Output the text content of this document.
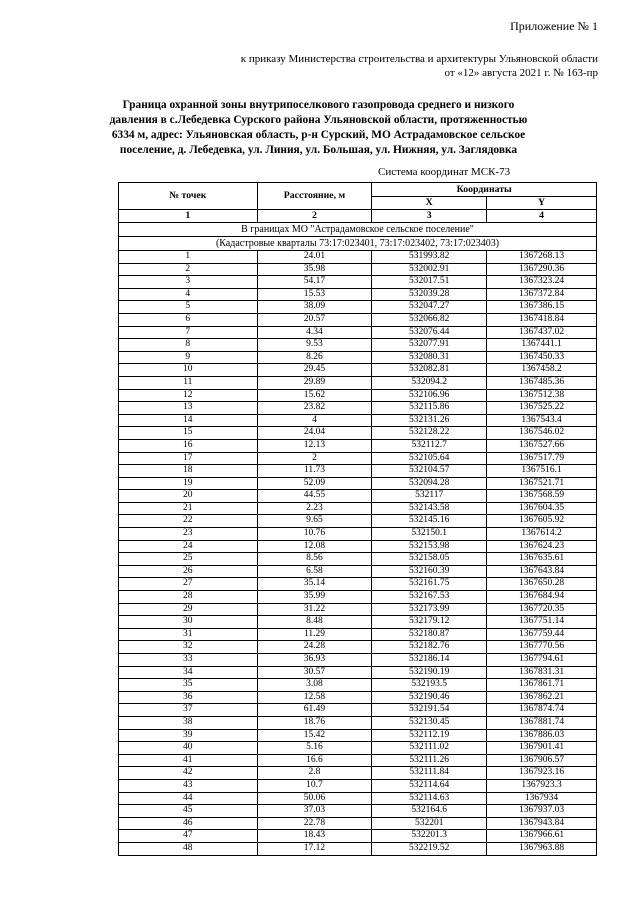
Приложение № 1
к приказу Министерства строительства и архитектуры Ульяновской области
от «12» августа 2021 г. № 163-пр
Граница охранной зоны внутрипоселкового газопровода среднего и низкого
давления в с.Лебедевка Сурского района Ульяновской области, протяженностью
6334 м, адрес: Ульяновская область, р-н Сурский, МО Астрадамовское сельское
поселение, д. Лебедевка, ул. Линия, ул. Большая, ул. Нижняя, ул. Заглядовка
Система координат МСК-73
№ точек	Расстояние, м	Координаты	
		X	Y
1	2	3	4
В границах МО "Астрадамовское сельское поселение"			
(Кадастровые кварталы 73:17:023401, 73:17:023402, 73:17:023403)			
1	24.01	531993.82	1367268.13
2	35.98	532002.91	1367290.36
3	54.17	532017.51	1367323.24
4	15.53	532039.28	1367372.84
5	38.09	532047.27	1367386.15
6	20.57	532066.82	1367418.84
7	4.34	532076.44	1367437.02
8	9.53	532077.91	1367441.1
9	8.26	532080.31	1367450.33
10	29.45	532082.81	1367458.2
11	29.89	532094.2	1367485.36
12	15.62	532106.96	1367512.38
13	23.82	532115.86	1367525.22
14	4	532131.26	1367543.4
15	24.04	532128.22	1367546.02
16	12.13	532112.7	1367527.66
17	2	532105.64	1367517.79
18	11.73	532104.57	1367516.1
19	52.09	532094.28	1367521.71
20	44.55	532117	1367568.59
21	2.23	532143.58	1367604.35
22	9.65	532145.16	1367605.92
23	10.76	532150.1	1367614.2
24	12.08	532153.98	1367624.23
25	8.56	532158.05	1367635.61
26	6.58	532160.39	1367643.84
27	35.14	532161.75	1367650.28
28	35.99	532167.53	1367684.94
29	31.22	532173.99	1367720.35
30	8.48	532179.12	1367751.14
31	11.29	532180.87	1367759.44
32	24.28	532182.76	1367770.56
33	36.93	532186.14	1367794.61
34	30.57	532190.19	1367831.31
35	3.08	532193.5	1367861.71
36	12.58	532190.46	1367862.21
37	61.49	532191.54	1367874.74
38	18.76	532130.45	1367881.74
39	15.42	532112.19	1367886.03
40	5.16	532111.02	1367901.41
41	16.6	532111.26	1367906.57
42	2.8	532111.84	1367923.16
43	10.7	532114.64	1367923.3
44	50.06	532114.63	1367934
45	37.03	532164.6	1367937.03
46	22.78	532201	1367943.84
47	18.43	532201.3	1367966.61
48	17.12	532219.52	1367963.88
